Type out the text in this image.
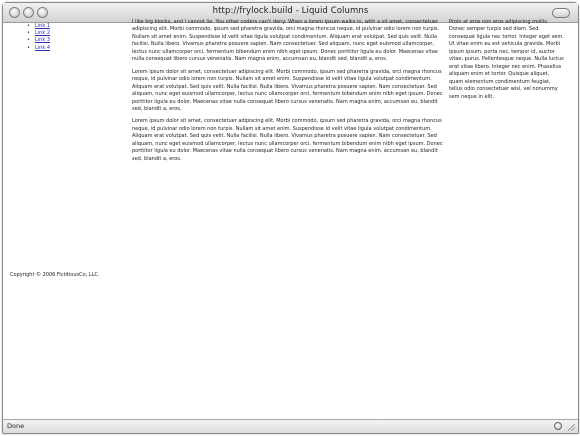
http://frylock.build - Liquid Columns
• Link 1
• Link 2
• Link 3
• Link 4

I like big blocks, and I cannot lie. You other coders can't deny: When a lorem ipsum walks in, with a sit amet, consectetuer adipiscing elit. Morbi commodo, ipsum sed pharetra gravida, orci magna rhoncus neque, id pulvinar odio lorem non turpis. Nullam sit amet enim. Suspendisse id velit vitae ligula volutpat condimentum. Aliquam erat volutpat. Sed quis velit. Nulla facilisi. Nulla libero. Vivamus pharetra posuere sapien. Nam consectetuer. Sed aliquam, nunc eget euismod ullamcorper, lectus nunc ullamcorper orci, fermentum bibendum enim nibh eget ipsum. Donec porttitor ligula eu dolor. Maecenas vitae nulla consequat libero cursus venenatis. Nam magna enim, accumsan eu, blandit sed, blandit a, eros.

Lorem ipsum dolor sit amet, consectetuer adipiscing elit. Morbi commodo, ipsum sed pharetra gravida, orci magna rhoncus neque, id pulvinar odio lorem non turpis. Nullam sit amet enim. Suspendisse id velit vitae ligula volutpat condimentum. Aliquam erat volutpat. Sed quis velit. Nulla facilisi. Nulla libero. Vivamus pharetra posuere sapien. Nam consectetuer. Sed aliquam, nunc eget euismod ullamcorper, lectus nunc ullamcorper orci, fermentum bibendum enim nibh eget ipsum. Donec porttitor ligula eu dolor. Maecenas vitae nulla consequat libero cursus venenatis. Nam magna enim, accumsan eu, blandit sed, blandit a, eros.

Lorem ipsum dolor sit amet, consectetuer adipiscing elit. Morbi commodo, ipsum sed pharetra gravida, orci magna rhoncus neque, id pulvinar odio lorem non turpis. Nullam sit amet enim. Suspendisse id velit vitae ligula volutpat condimentum. Aliquam erat volutpat. Sed quis velit. Nulla facilisi. Nulla libero. Vivamus pharetra posuere sapien. Nam consectetuer. Sed aliquam, nunc eget euismod ullamcorper, lectus nunc ullamcorper orci, fermentum bibendum enim nibh eget ipsum. Donec porttitor ligula eu dolor. Maecenas vitae nulla consequat libero cursus venenatis. Nam magna enim, accumsan eu, blandit sed, blandit a, eros.

Proin at eros non eros adipiscing mollis. Donec semper turpis sed diam. Sed consequat ligula nec tortor. Integer eget sem. Ut vitae enim eu est vehicula gravida. Morbi ipsum ipsum, porta nec, tempor id, auctor vitae, purus. Pellentesque neque. Nulla luctus erat vitae libero. Integer nec enim. Phasellus aliquam enim et tortor. Quisque aliquet, quam elementum condimentum feugiat, tellus odio consectetuer wisi, vel nonummy sem neque in elit.

Copyright © 2006 FictitiousCo, LLC.
Done
